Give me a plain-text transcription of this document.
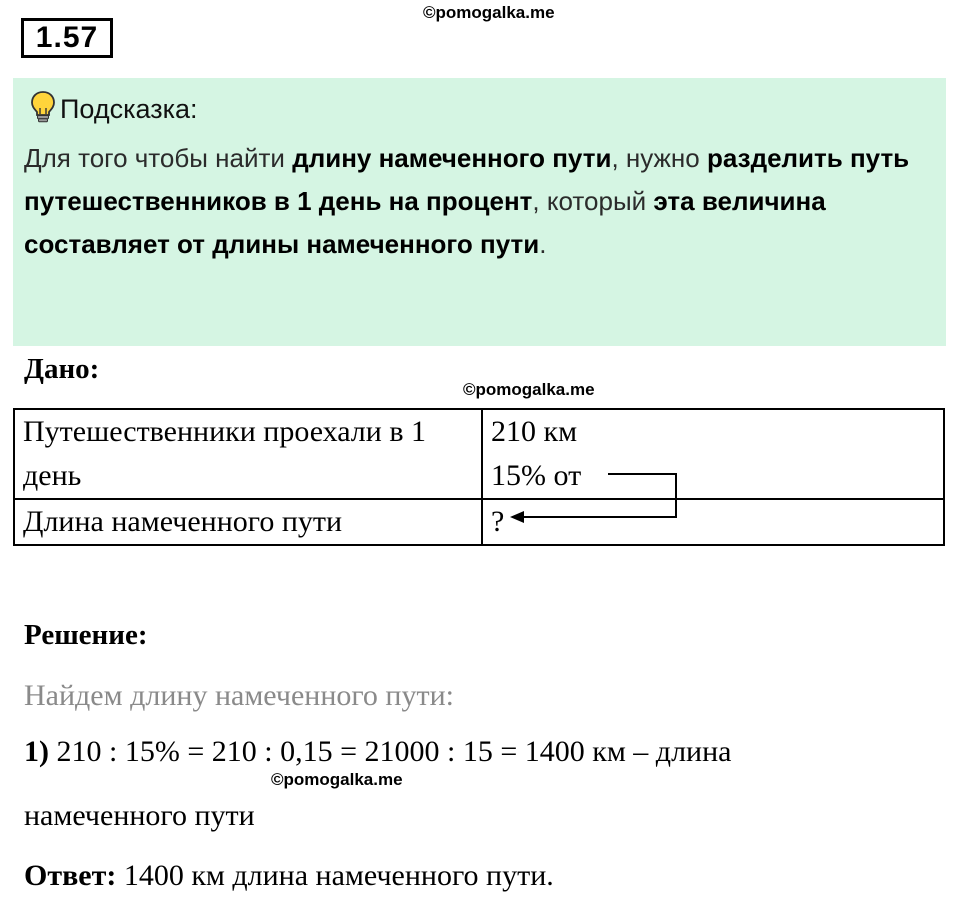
1.57
©pomogalka.me
Подсказка:
Для того чтобы найти длину намеченного пути, нужно разделить путь путешественников в 1 день на процент, который эта величина составляет от длины намеченного пути.
Дано:
©pomogalka.me
Путешественники проехали в 1 день	210 км
15% от

Длина намеченного пути	?
Решение:
Найдем длину намеченного пути:
1) 210 : 15% = 210 : 0,15 = 21000 : 15 = 1400 км – длина
©pomogalka.me
намеченного пути
Ответ: 1400 км длина намеченного пути.
